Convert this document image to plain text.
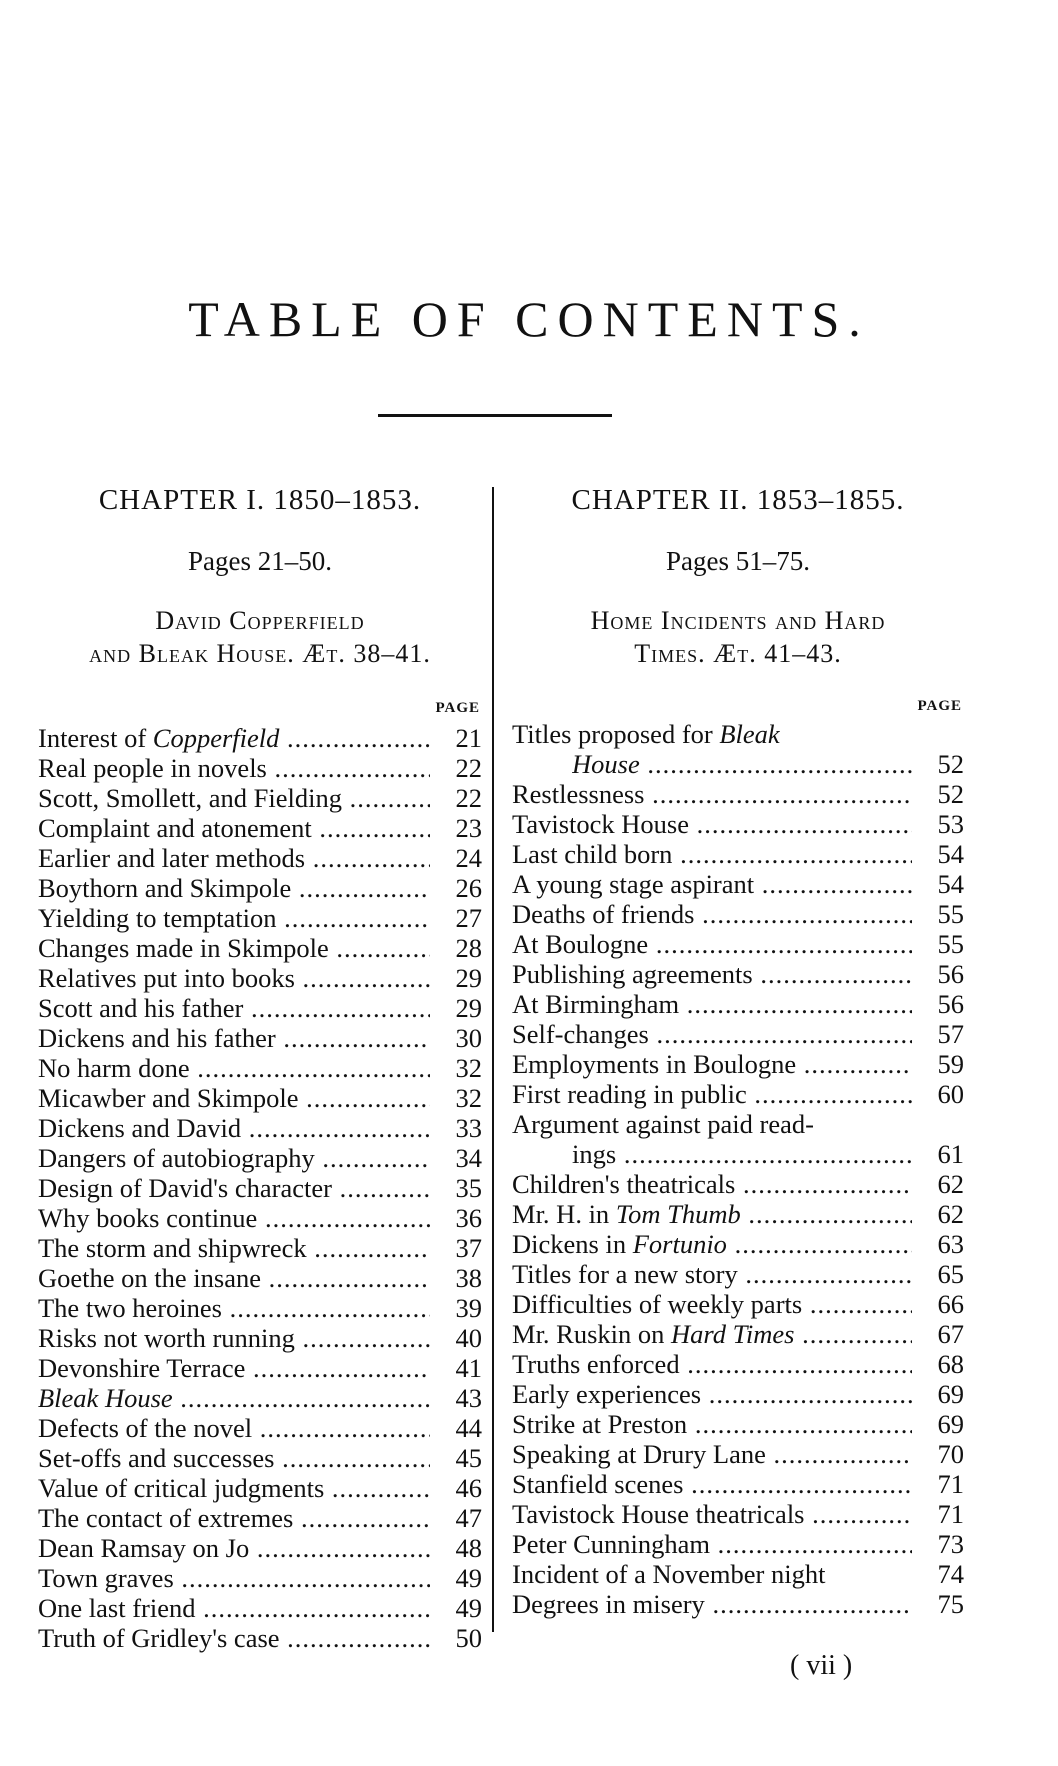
TABLE OF CONTENTS.
CHAPTER I. 1850–1853.
Pages 21–50.
David Copperfield
and Bleak House. Æt. 38–41.
PAGE
Interest of Copperfield .....	21
Real people in novels .....	22
Scott, Smollett, and Fielding .....	22
Complaint and atonement .....	23
Earlier and later methods .....	24
Boythorn and Skimpole .....	26
Yielding to temptation .....	27
Changes made in Skimpole .....	28
Relatives put into books .....	29
Scott and his father .....	29
Dickens and his father .....	30
No harm done .....	32
Micawber and Skimpole .....	32
Dickens and David .....	33
Dangers of autobiography .....	34
Design of David's character .....	35
Why books continue .....	36
The storm and shipwreck .....	37
Goethe on the insane .....	38
The two heroines .....	39
Risks not worth running .....	40
Devonshire Terrace .....	41
Bleak House .....	43
Defects of the novel .....	44
Set-offs and successes .....	45
Value of critical judgments .....	46
The contact of extremes .....	47
Dean Ramsay on Jo .....	48
Town graves .....	49
One last friend .....	49
Truth of Gridley's case .....	50
CHAPTER II. 1853–1855.
Pages 51–75.
Home Incidents and Hard
Times. Æt. 41–43.
PAGE
Titles proposed for Bleak
House .....	52
Restlessness .....	52
Tavistock House .....	53
Last child born .....	54
A young stage aspirant .....	54
Deaths of friends .....	55
At Boulogne .....	55
Publishing agreements .....	56
At Birmingham .....	56
Self-changes .....	57
Employments in Boulogne .....	59
First reading in public .....	60
Argument against paid read-
ings .....	61
Children's theatricals .....	62
Mr. H. in Tom Thumb .....	62
Dickens in Fortunio .....	63
Titles for a new story .....	65
Difficulties of weekly parts .....	66
Mr. Ruskin on Hard Times .....	67
Truths enforced .....	68
Early experiences .....	69
Strike at Preston .....	69
Speaking at Drury Lane .....	70
Stanfield scenes .....	71
Tavistock House theatricals .....	71
Peter Cunningham .....	73
Incident of a November night	74
Degrees in misery .....	75
( vii )
